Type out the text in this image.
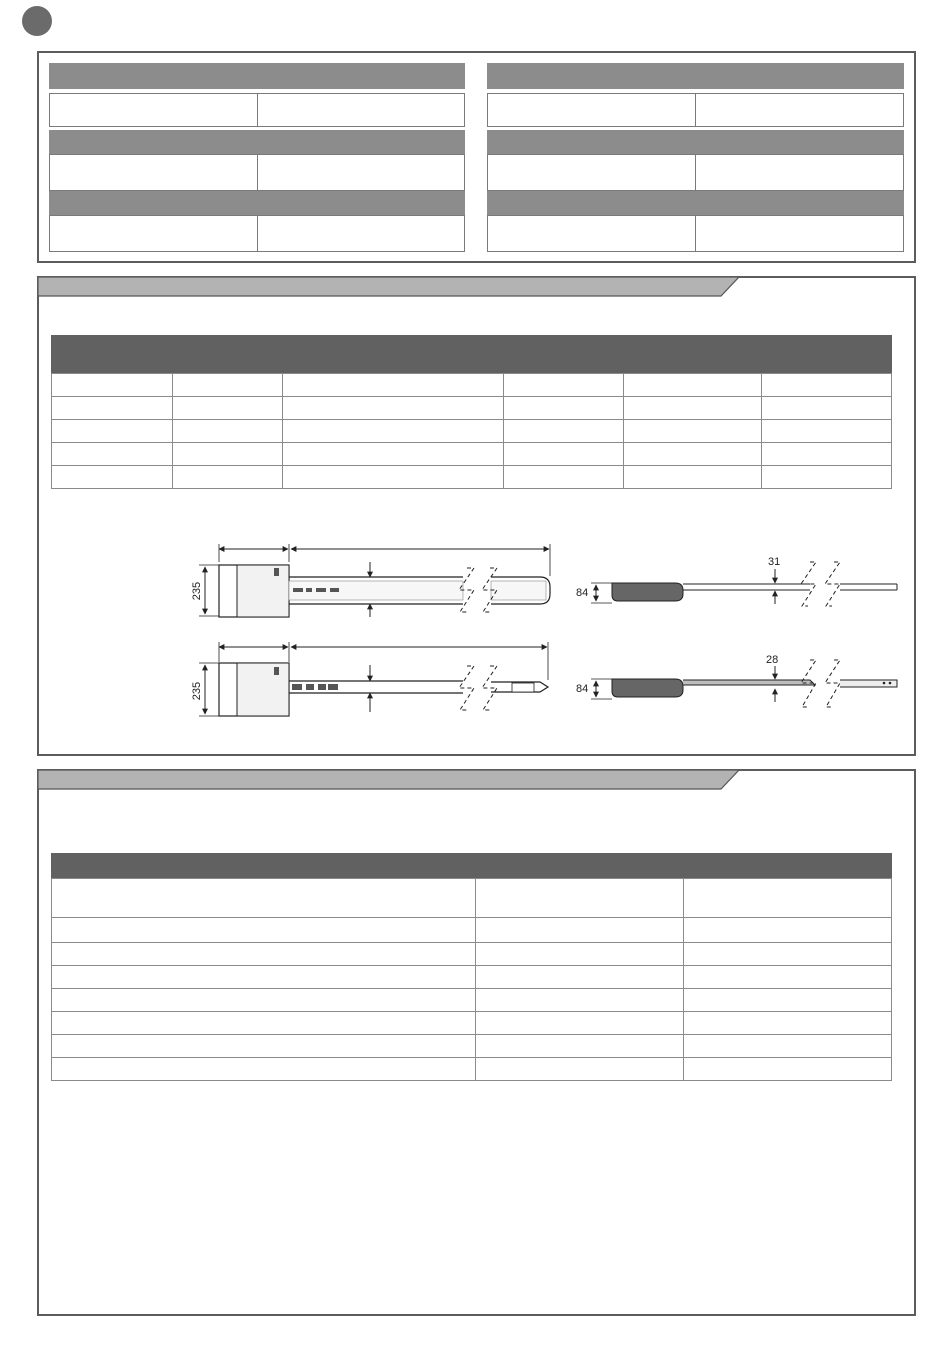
235
235
84
31
84
28
